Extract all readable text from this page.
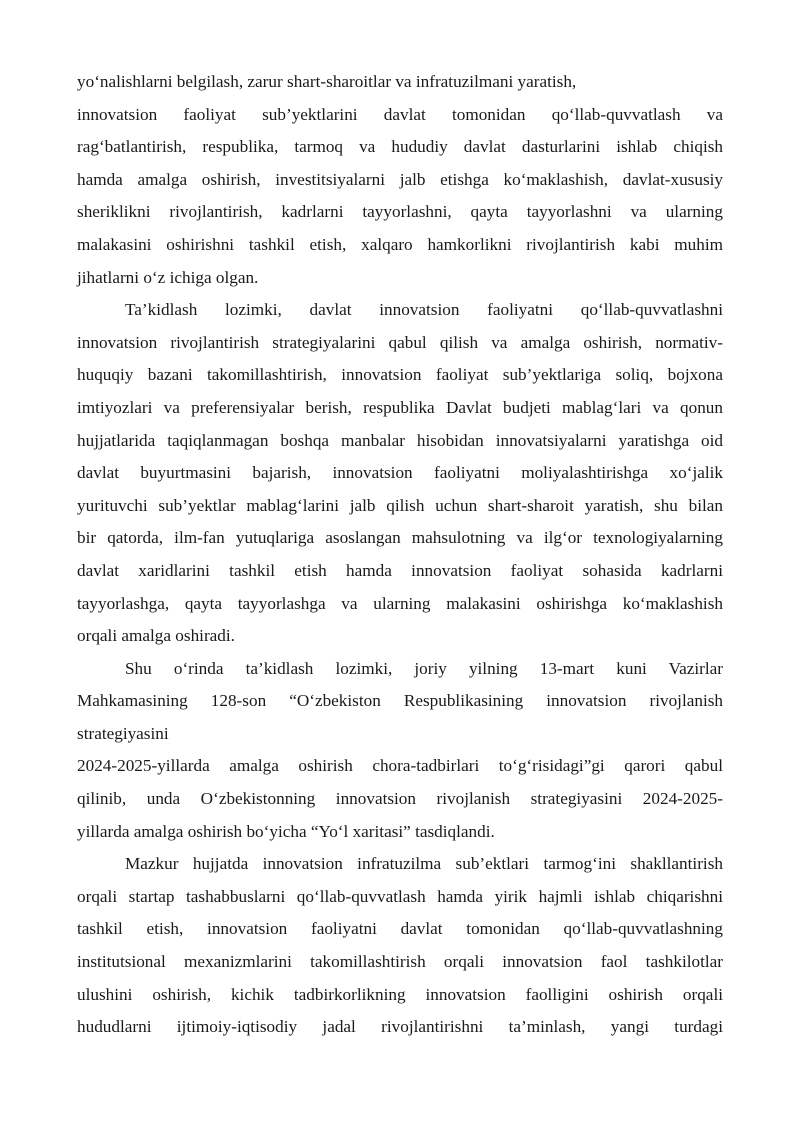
yo‘nalishlarni belgilash, zarur shart-sharoitlar va infratuzilmani yaratish,
innovatsion faoliyat sub’yektlarini davlat tomonidan qo‘llab-quvvatlash va
rag‘batlantirish, respublika, tarmoq va hududiy davlat dasturlarini ishlab chiqish
hamda amalga oshirish, investitsiyalarni jalb etishga ko‘maklashish, davlat-xususiy
sheriklikni rivojlantirish, kadrlarni tayyorlashni, qayta tayyorlashni va ularning
malakasini oshirishni tashkil etish, xalqaro hamkorlikni rivojlantirish kabi muhim
jihatlarni o‘z ichiga olgan.
Ta’kidlash lozimki, davlat innovatsion faoliyatni qo‘llab-quvvatlashni
innovatsion rivojlantirish strategiyalarini qabul qilish va amalga oshirish, normativ-
huquqiy bazani takomillashtirish, innovatsion faoliyat sub’yektlariga soliq, bojxona
imtiyozlari va preferensiyalar berish, respublika Davlat budjeti mablag‘lari va qonun
hujjatlarida taqiqlanmagan boshqa manbalar hisobidan innovatsiyalarni yaratishga oid
davlat buyurtmasini bajarish, innovatsion faoliyatni moliyalashtirishga xo‘jalik
yurituvchi sub’yektlar mablag‘larini jalb qilish uchun shart-sharoit yaratish, shu bilan
bir qatorda, ilm-fan yutuqlariga asoslangan mahsulotning va ilg‘or texnologiyalarning
davlat xaridlarini tashkil etish hamda innovatsion faoliyat sohasida kadrlarni
tayyorlashga, qayta tayyorlashga va ularning malakasini oshirishga ko‘maklashish
orqali amalga oshiradi.
Shu o‘rinda ta’kidlash lozimki, joriy yilning 13-mart kuni Vazirlar
Mahkamasining 128-son “O‘zbekiston Respublikasining innovatsion rivojlanish
strategiyasini
2024-2025-yillarda amalga oshirish chora-tadbirlari to‘g‘risidagi”gi qarori qabul
qilinib, unda O‘zbekistonning innovatsion rivojlanish strategiyasini 2024-2025-
yillarda amalga oshirish bo‘yicha “Yo‘l xaritasi” tasdiqlandi.
Mazkur hujjatda innovatsion infratuzilma sub’ektlari tarmog‘ini shakllantirish
orqali startap tashabbuslarni qo‘llab-quvvatlash hamda yirik hajmli ishlab chiqarishni
tashkil etish, innovatsion faoliyatni davlat tomonidan qo‘llab-quvvatlashning
institutsional mexanizmlarini takomillashtirish orqali innovatsion faol tashkilotlar
ulushini oshirish, kichik tadbirkorlikning innovatsion faolligini oshirish orqali
hududlarni ijtimoiy-iqtisodiy jadal rivojlantirishni ta’minlash, yangi turdagi
